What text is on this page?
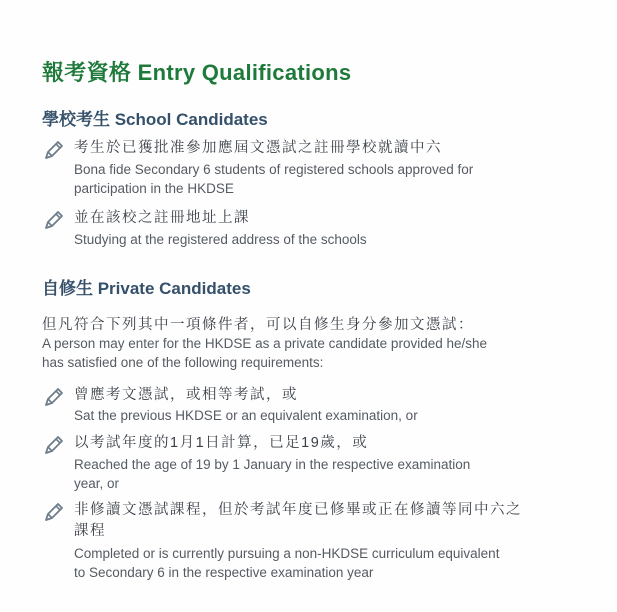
報考資格 Entry Qualifications
學校考生 School Candidates
考生於已獲批准參加應屆文憑試之註冊學校就讀中六
Bona fide Secondary 6 students of registered schools approved for
participation in the HKDSE
並在該校之註冊地址上課
Studying at the registered address of the schools
自修生 Private Candidates
但凡符合下列其中一項條件者，可以自修生身分參加文憑試：
A person may enter for the HKDSE as a private candidate provided he/she
has satisfied one of the following requirements:
曾應考文憑試，或相等考試，或
Sat the previous HKDSE or an equivalent examination, or
以考試年度的1月1日計算，已足19歲，或
Reached the age of 19 by 1 January in the respective examination
year, or
非修讀文憑試課程，但於考試年度已修畢或正在修讀等同中六之
課程
Completed or is currently pursuing a non-HKDSE curriculum equivalent
to Secondary 6 in the respective examination year
